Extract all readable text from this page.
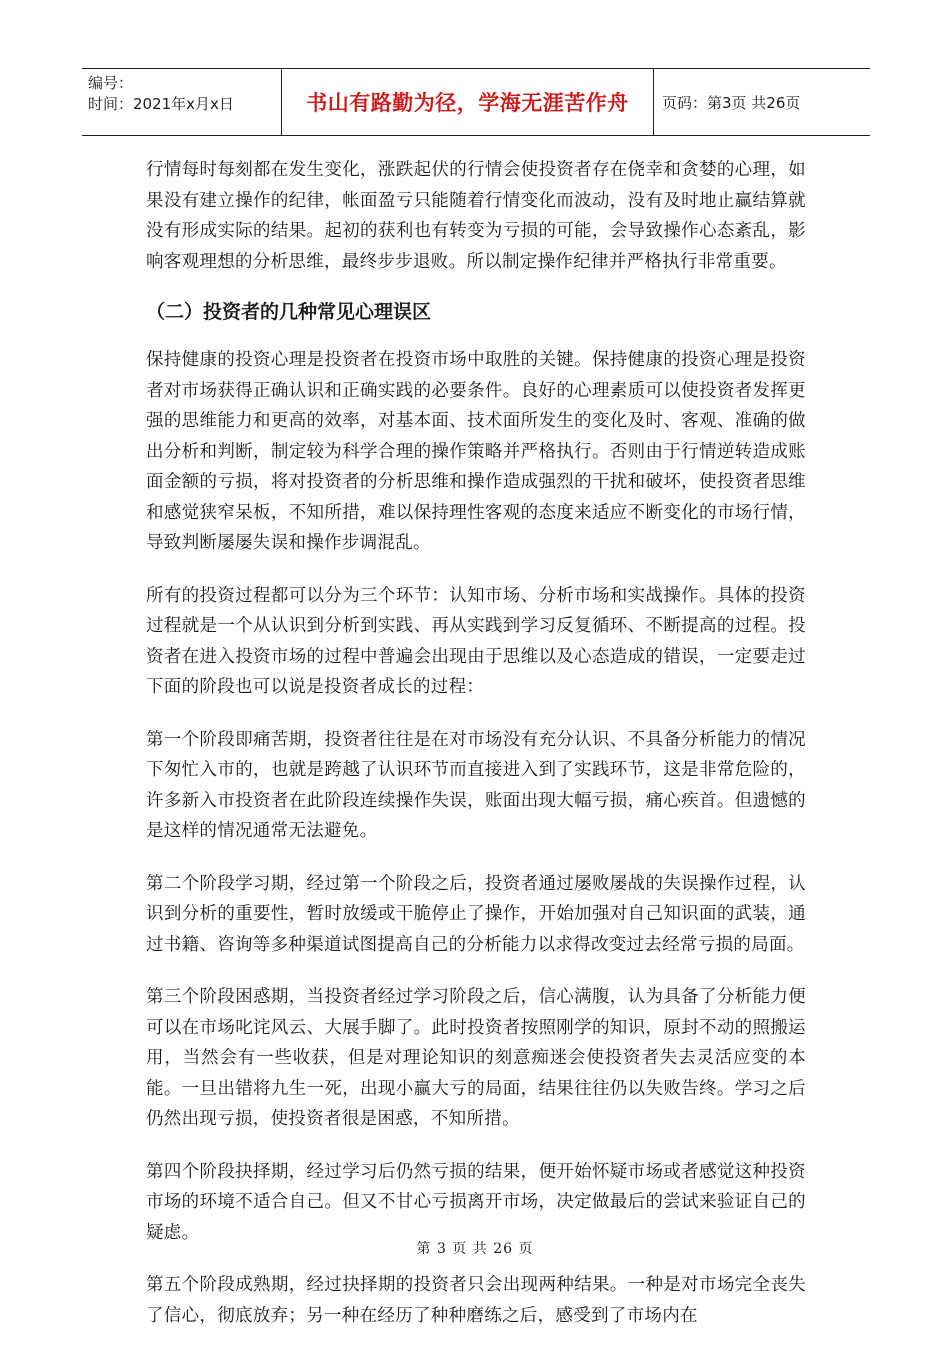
编号：
时间：2021年x月x日	书山有路勤为径，学海无涯苦作舟 页码：第3页 共26页

行情每时每刻都在发生变化，涨跌起伏的行情会使投资者存在侥幸和贪婪的心理，如果没有建立操作的纪律，帐面盈亏只能随着行情变化而波动，没有及时地止赢结算就没有形成实际的结果。起初的获利也有转变为亏损的可能，会导致操作心态紊乱，影响客观理想的分析思维，最终步步退败。所以制定操作纪律并严格执行非常重要。

（二）投资者的几种常见心理误区

保持健康的投资心理是投资者在投资市场中取胜的关键。保持健康的投资心理是投资者对市场获得正确认识和正确实践的必要条件。良好的心理素质可以使投资者发挥更强的思维能力和更高的效率，对基本面、技术面所发生的变化及时、客观、准确的做出分析和判断，制定较为科学合理的操作策略并严格执行。否则由于行情逆转造成账面金额的亏损，将对投资者的分析思维和操作造成强烈的干扰和破坏，使投资者思维和感觉狭窄呆板，不知所措，难以保持理性客观的态度来适应不断变化的市场行情，导致判断屡屡失误和操作步调混乱。

所有的投资过程都可以分为三个环节：认知市场、分析市场和实战操作。具体的投资过程就是一个从认识到分析到实践、再从实践到学习反复循环、不断提高的过程。投资者在进入投资市场的过程中普遍会出现由于思维以及心态造成的错误，一定要走过下面的阶段也可以说是投资者成长的过程：

第一个阶段即痛苦期，投资者往往是在对市场没有充分认识、不具备分析能力的情况下匆忙入市的，也就是跨越了认识环节而直接进入到了实践环节，这是非常危险的，许多新入市投资者在此阶段连续操作失误，账面出现大幅亏损，痛心疾首。但遗憾的是这样的情况通常无法避免。

第二个阶段学习期，经过第一个阶段之后，投资者通过屡败屡战的失误操作过程，认识到分析的重要性，暂时放缓或干脆停止了操作，开始加强对自己知识面的武装，通过书籍、咨询等多种渠道试图提高自己的分析能力以求得改变过去经常亏损的局面。

第三个阶段困惑期，当投资者经过学习阶段之后，信心满腹，认为具备了分析能力便可以在市场叱诧风云、大展手脚了。此时投资者按照刚学的知识，原封不动的照搬运用，当然会有一些收获，但是对理论知识的刻意痴迷会使投资者失去灵活应变的本能。一旦出错将九生一死，出现小赢大亏的局面，结果往往仍以失败告终。学习之后仍然出现亏损，使投资者很是困惑，不知所措。

第四个阶段抉择期，经过学习后仍然亏损的结果，便开始怀疑市场或者感觉这种投资市场的环境不适合自己。但又不甘心亏损离开市场，决定做最后的尝试来验证自己的疑虑。

第五个阶段成熟期，经过抉择期的投资者只会出现两种结果。一种是对市场完全丧失了信心，彻底放弃；另一种在经历了种种磨练之后，感受到了市场内在

第 3 页 共 26 页
